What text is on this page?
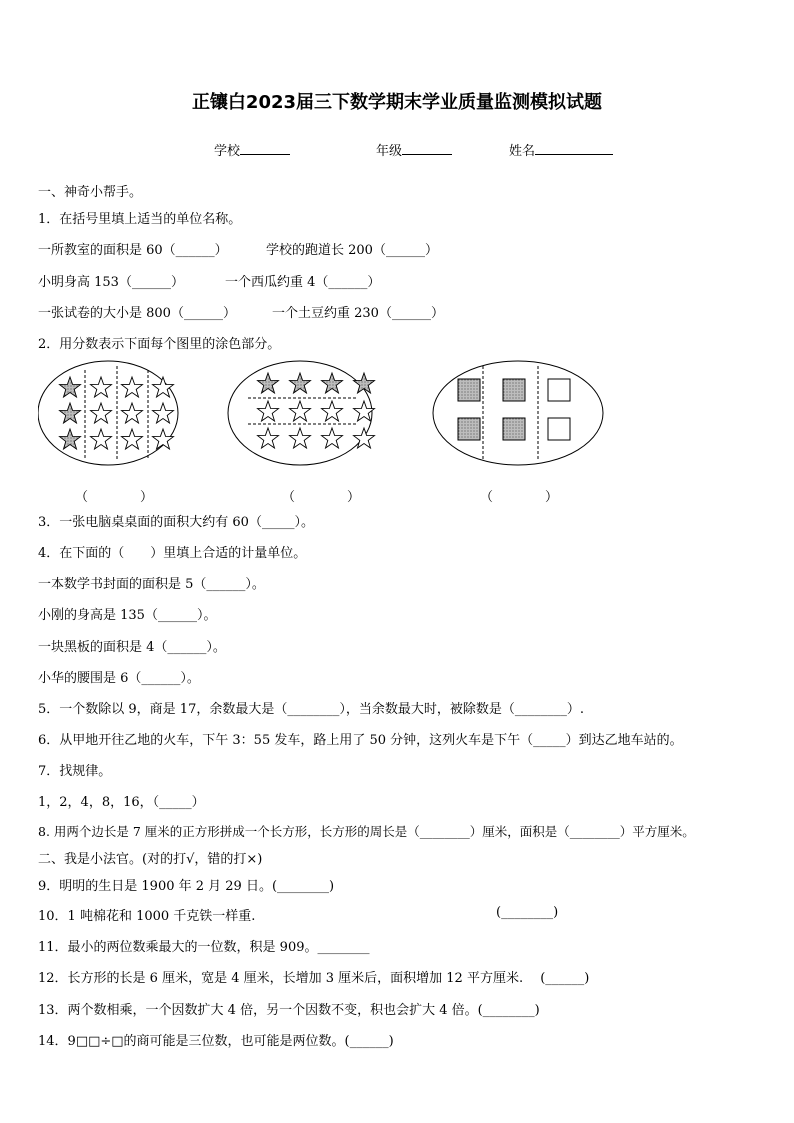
正镶白2023届三下数学期末学业质量监测模拟试题
学校	年级	姓名
一、神奇小帮手。
1．在括号里填上适当的单位名称。
一所教室的面积是 60（______）	学校的跑道长 200（______）
小明身高 153（______）	一个西瓜约重 4（______）
一张试卷的大小是 800（______）	一个土豆约重 230（______）
2．用分数表示下面每个图里的涂色部分。
（　　　　）	（　　　　）	（　　　　）
3．一张电脑桌桌面的面积大约有 60（_____）。
4．在下面的（　　）里填上合适的计量单位。
一本数学书封面的面积是 5（______）。
小刚的身高是 135（______）。
一块黑板的面积是 4（______）。
小华的腰围是 6（______）。
5．一个数除以 9，商是 17，余数最大是（________），当余数最大时，被除数是（________）.
6．从甲地开往乙地的火车，下午 3：55 发车，路上用了 50 分钟，这列火车是下午（_____）到达乙地车站的。
7．找规律。
1，2，4，8，16，（_____）
8. 用两个边长是 7 厘米的正方形拼成一个长方形，长方形的周长是（________）厘米，面积是（________）平方厘米。
二、我是小法官。(对的打√，错的打×)
9．明明的生日是 1900 年 2 月 29 日。(________)
10．1 吨棉花和 1000 千克铁一样重.	(________)
11．最小的两位数乘最大的一位数，积是 909。________
12．长方形的长是 6 厘米，宽是 4 厘米，长增加 3 厘米后，面积增加 12 平方厘米.　 (______)
13．两个数相乘，一个因数扩大 4 倍，另一个因数不变，积也会扩大 4 倍。(________)
14．9□□÷□的商可能是三位数，也可能是两位数。(______)
